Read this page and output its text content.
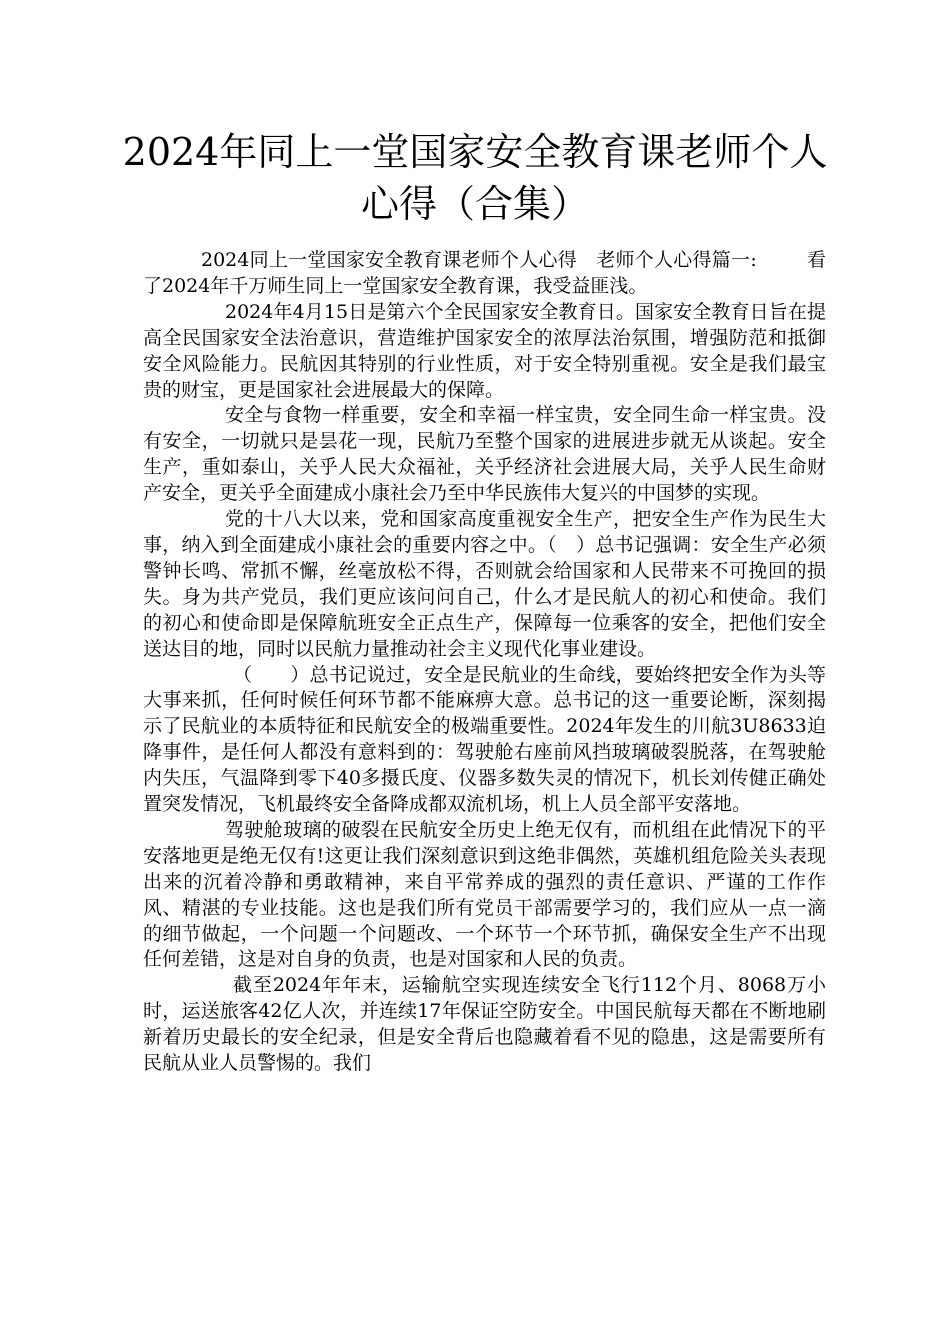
2024年同上一堂国家安全教育课老师个人
心得（合集）

2024同上一堂国家安全教育课老师个人心得　老师个人心得篇一:	看了2024年千万师生同上一堂国家安全教育课，我受益匪浅。

2024年4月15日是第六个全民国家安全教育日。国家安全教育日旨在提高全民国家安全法治意识，营造维护国家安全的浓厚法治氛围，增强防范和抵御安全风险能力。民航因其特别的行业性质，对于安全特别重视。安全是我们最宝贵的财宝，更是国家社会进展最大的保障。

安全与食物一样重要，安全和幸福一样宝贵，安全同生命一样宝贵。没有安全，一切就只是昙花一现，民航乃至整个国家的进展进步就无从谈起。安全生产，重如泰山，关乎人民大众福祉，关乎经济社会进展大局，关乎人民生命财产安全，更关乎全面建成小康社会乃至中华民族伟大复兴的中国梦的实现。

党的十八大以来，党和国家高度重视安全生产，把安全生产作为民生大事，纳入到全面建成小康社会的重要内容之中。（　）总书记强调：安全生产必须警钟长鸣、常抓不懈，丝毫放松不得，否则就会给国家和人民带来不可挽回的损失。身为共产党员，我们更应该问问自己，什么才是民航人的初心和使命。我们的初心和使命即是保障航班安全正点生产，保障每一位乘客的安全，把他们安全送达目的地，同时以民航力量推动社会主义现代化事业建设。

（　　）总书记说过，安全是民航业的生命线，要始终把安全作为头等大事来抓，任何时候任何环节都不能麻痹大意。总书记的这一重要论断，深刻揭示了民航业的本质特征和民航安全的极端重要性。2024年发生的川航3U8633迫降事件，是任何人都没有意料到的：驾驶舱右座前风挡玻璃破裂脱落，在驾驶舱内失压，气温降到零下40多摄氏度、仪器多数失灵的情况下，机长刘传健正确处置突发情况，飞机最终安全备降成都双流机场，机上人员全部平安落地。

驾驶舱玻璃的破裂在民航安全历史上绝无仅有，而机组在此情况下的平安落地更是绝无仅有!这更让我们深刻意识到这绝非偶然，英雄机组危险关头表现出来的沉着冷静和勇敢精神，来自平常养成的强烈的责任意识、严谨的工作作风、精湛的专业技能。这也是我们所有党员干部需要学习的，我们应从一点一滴的细节做起，一个问题一个问题改、一个环节一个环节抓，确保安全生产不出现任何差错，这是对自身的负责，也是对国家和人民的负责。

截至2024年年末，运输航空实现连续安全飞行112个月、8068万小时，运送旅客42亿人次，并连续17年保证空防安全。中国民航每天都在不断地刷新着历史最长的安全纪录，但是安全背后也隐藏着看不见的隐患，这是需要所有民航从业人员警惕的。我们
